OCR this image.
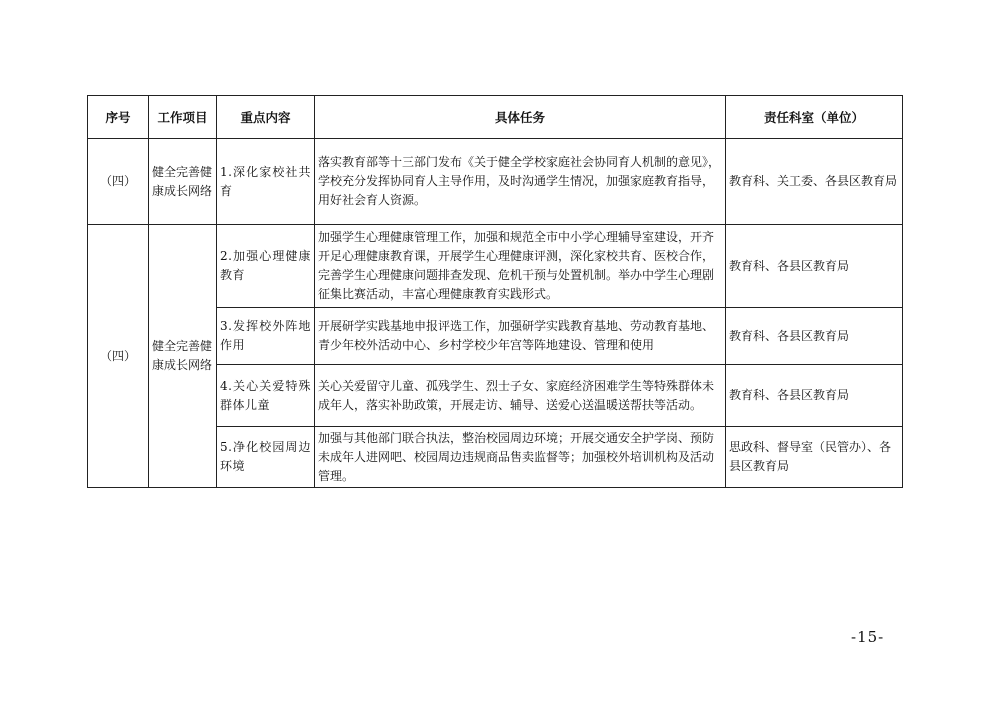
序号	工作项目	重点内容	具体任务	责任科室（单位）
（四）	健全完善健康成长网络	1.深化家校社共育	落实教育部等十三部门发布《关于健全学校家庭社会协同育人机制的意见》，学校充分发挥协同育人主导作用，及时沟通学生情况，加强家庭教育指导，用好社会育人资源。	教育科、关工委、各县区教育局
（四）	健全完善健康成长网络	2.加强心理健康教育	加强学生心理健康管理工作，加强和规范全市中小学心理辅导室建设，开齐开足心理健康教育课，开展学生心理健康评测，深化家校共育、医校合作，完善学生心理健康问题排查发现、危机干预与处置机制。举办中学生心理剧征集比赛活动，丰富心理健康教育实践形式。	教育科、各县区教育局
		3.发挥校外阵地作用	开展研学实践基地申报评选工作，加强研学实践教育基地、劳动教育基地、青少年校外活动中心、乡村学校少年宫等阵地建设、管理和使用	教育科、各县区教育局
		4.关心关爱特殊群体儿童	关心关爱留守儿童、孤残学生、烈士子女、家庭经济困难学生等特殊群体未成年人，落实补助政策，开展走访、辅导、送爱心送温暖送帮扶等活动。	教育科、各县区教育局
		5.净化校园周边环境	加强与其他部门联合执法，整治校园周边环境；开展交通安全护学岗、预防未成年人进网吧、校园周边违规商品售卖监督等；加强校外培训机构及活动管理。	思政科、督导室（民管办）、各县区教育局
-15-
